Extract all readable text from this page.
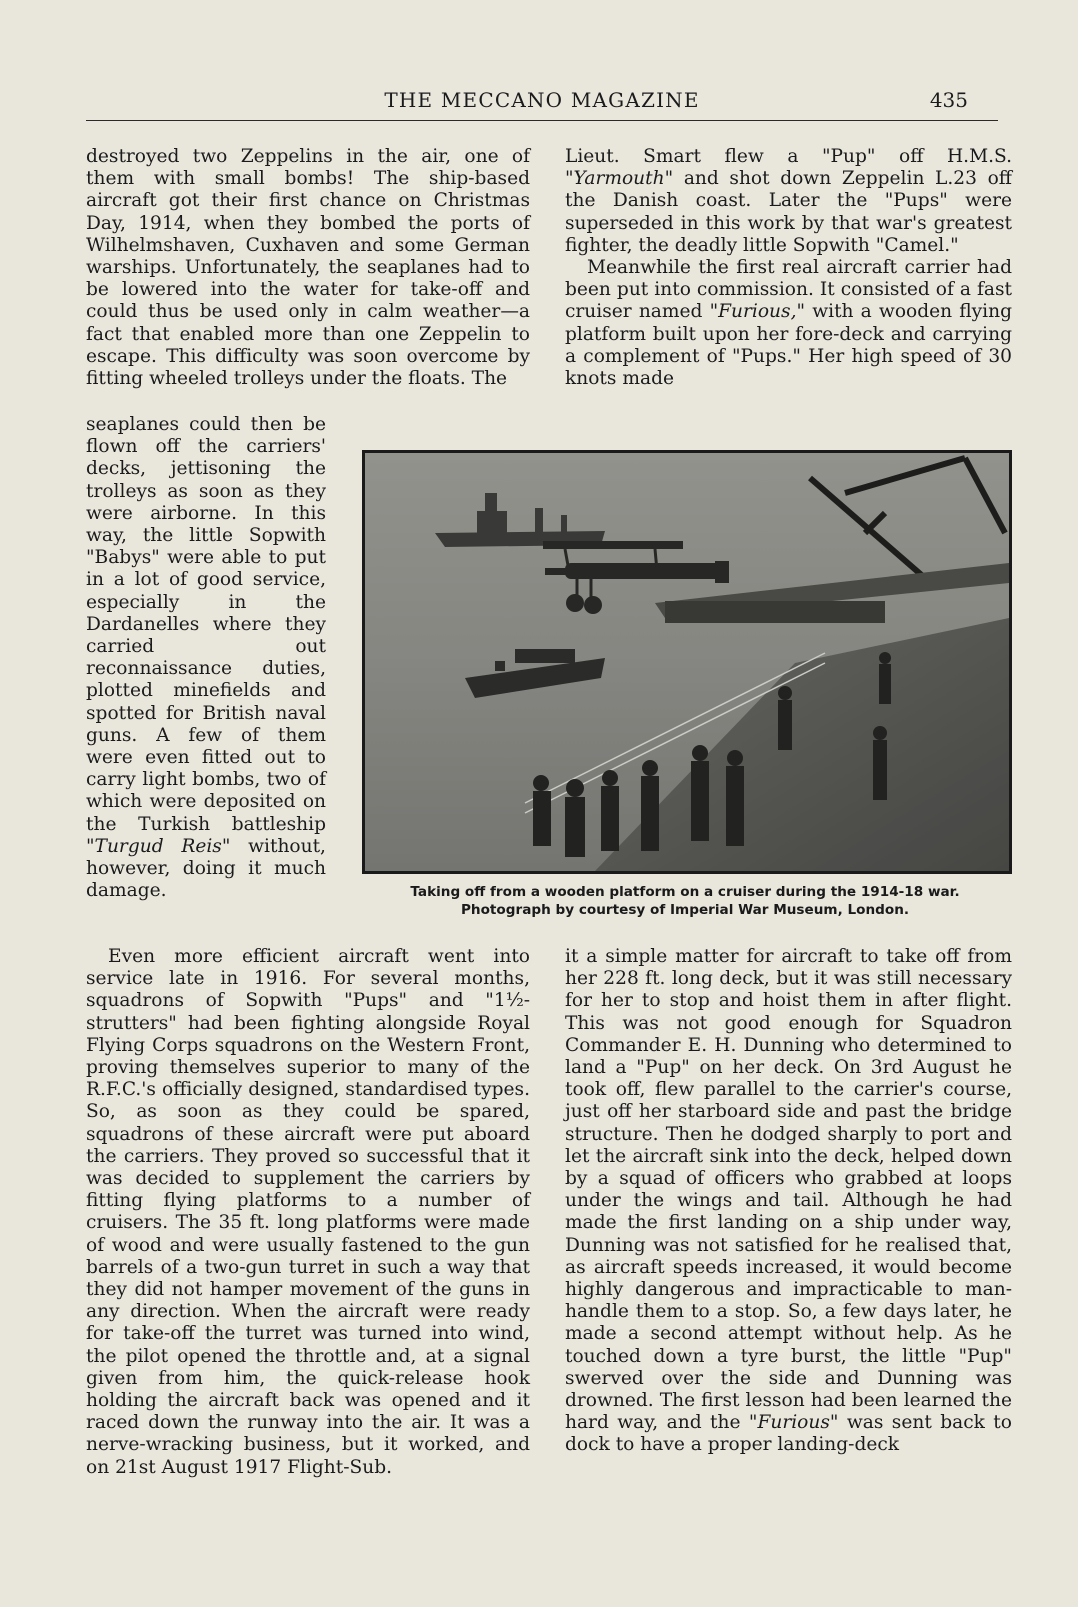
THE MECCANO MAGAZINE	435

destroyed two Zeppelins in the air, one of them with small bombs! The ship-based aircraft got their first chance on Christmas Day, 1914, when they bombed the ports of Wilhelmshaven, Cuxhaven and some German warships. Unfortunately, the seaplanes had to be lowered into the water for take-off and could thus be used only in calm weather—a fact that enabled more than one Zeppelin to escape. This difficulty was soon overcome by fitting wheeled trolleys under the floats. The

seaplanes could then be flown off the carriers' decks, jettisoning the trolleys as soon as they were airborne. In this way, the little Sopwith "Babys" were able to put in a lot of good service, especially in the Dardanelles where they carried out reconnaissance duties, plotted minefields and spotted for British naval guns. A few of them were even fitted out to carry light bombs, two of which were deposited on the Turkish battleship "Turgud Reis" without, however, doing it much damage.

Lieut. Smart flew a "Pup" off H.M.S. "Yarmouth" and shot down Zeppelin L.23 off the Danish coast. Later the "Pups" were superseded in this work by that war's greatest fighter, the deadly little Sopwith "Camel."

Meanwhile the first real aircraft carrier had been put into commission. It consisted of a fast cruiser named "Furious," with a wooden flying platform built upon her fore-deck and carrying a complement of "Pups." Her high speed of 30 knots made

Taking off from a wooden platform on a cruiser during the 1914-18 war.
Photograph by courtesy of Imperial War Museum, London.

Even more efficient aircraft went into service late in 1916. For several months, squadrons of Sopwith "Pups" and "1½-strutters" had been fighting alongside Royal Flying Corps squadrons on the Western Front, proving themselves superior to many of the R.F.C.'s officially designed, standardised types. So, as soon as they could be spared, squadrons of these aircraft were put aboard the carriers. They proved so successful that it was decided to supplement the carriers by fitting flying platforms to a number of cruisers. The 35 ft. long platforms were made of wood and were usually fastened to the gun barrels of a two-gun turret in such a way that they did not hamper movement of the guns in any direction. When the aircraft were ready for take-off the turret was turned into wind, the pilot opened the throttle and, at a signal given from him, the quick-release hook holding the aircraft back was opened and it raced down the runway into the air. It was a nerve-wracking business, but it worked, and on 21st August 1917 Flight-Sub.

it a simple matter for aircraft to take off from her 228 ft. long deck, but it was still necessary for her to stop and hoist them in after flight. This was not good enough for Squadron Commander E. H. Dunning who determined to land a "Pup" on her deck. On 3rd August he took off, flew parallel to the carrier's course, just off her starboard side and past the bridge structure. Then he dodged sharply to port and let the aircraft sink into the deck, helped down by a squad of officers who grabbed at loops under the wings and tail. Although he had made the first landing on a ship under way, Dunning was not satisfied for he realised that, as aircraft speeds increased, it would become highly dangerous and impracticable to man-handle them to a stop. So, a few days later, he made a second attempt without help. As he touched down a tyre burst, the little "Pup" swerved over the side and Dunning was drowned. The first lesson had been learned the hard way, and the "Furious" was sent back to dock to have a proper landing-deck
